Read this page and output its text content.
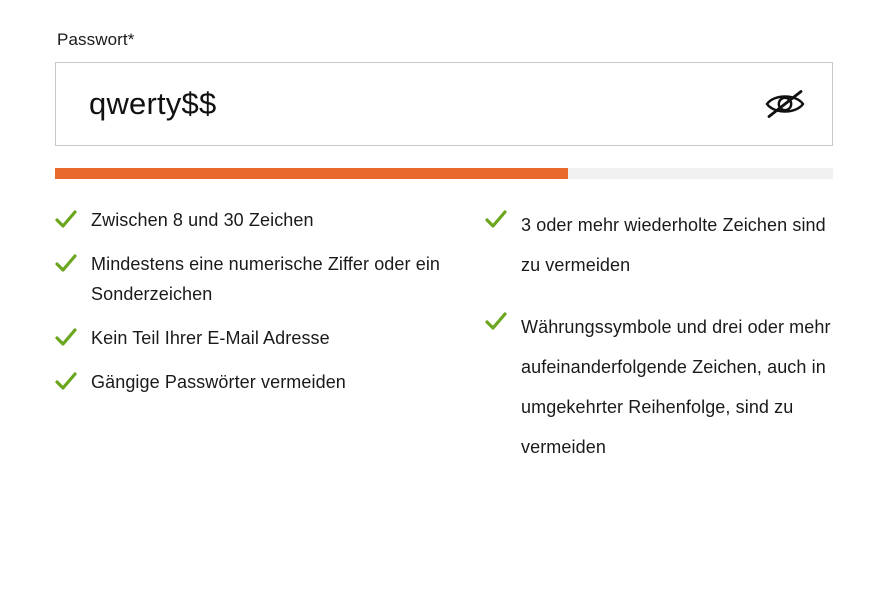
Passwort*
qwerty$$
Zwischen 8 und 30 Zeichen
Mindestens eine numerische Ziffer oder ein Sonderzeichen
Kein Teil Ihrer E-Mail Adresse
Gängige Passwörter vermeiden
3 oder mehr wiederholte Zeichen sind zu vermeiden
Währungssymbole und drei oder mehr aufeinanderfolgende Zeichen, auch in umgekehrter Reihenfolge, sind zu vermeiden
